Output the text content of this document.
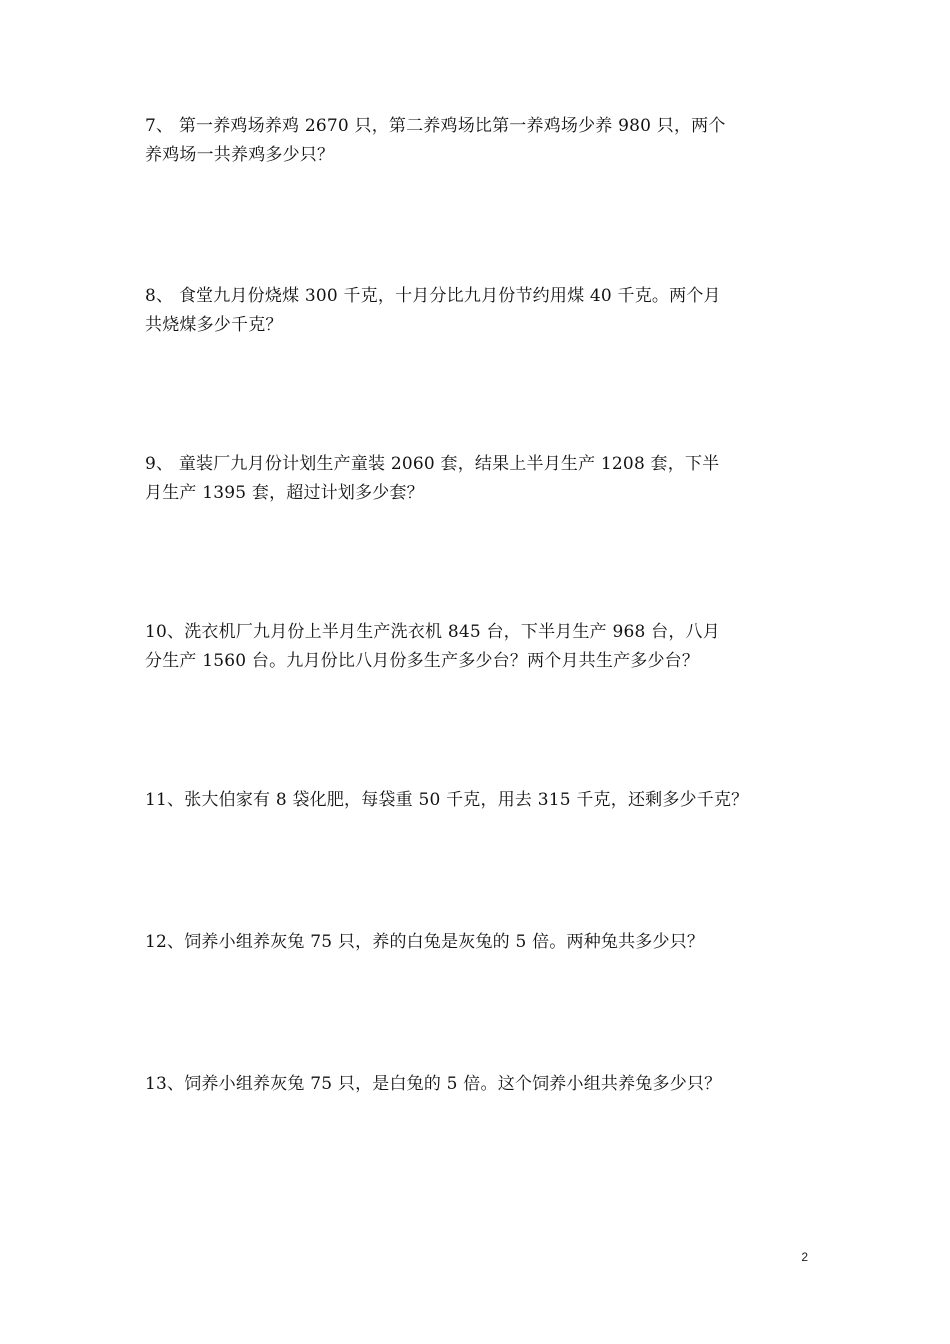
7、 第一养鸡场养鸡 2670 只，第二养鸡场比第一养鸡场少养 980 只，两个
养鸡场一共养鸡多少只？
8、 食堂九月份烧煤 300 千克，十月分比九月份节约用煤 40 千克。两个月
共烧煤多少千克？
9、 童装厂九月份计划生产童装 2060 套，结果上半月生产 1208 套，下半
月生产 1395 套，超过计划多少套？
10、洗衣机厂九月份上半月生产洗衣机 845 台，下半月生产 968 台，八月
分生产 1560 台。九月份比八月份多生产多少台？两个月共生产多少台？
11、张大伯家有 8 袋化肥，每袋重 50 千克，用去 315 千克，还剩多少千克？
12、饲养小组养灰兔 75 只，养的白兔是灰兔的 5 倍。两种兔共多少只？
13、饲养小组养灰兔 75 只，是白兔的 5 倍。这个饲养小组共养兔多少只？
2
